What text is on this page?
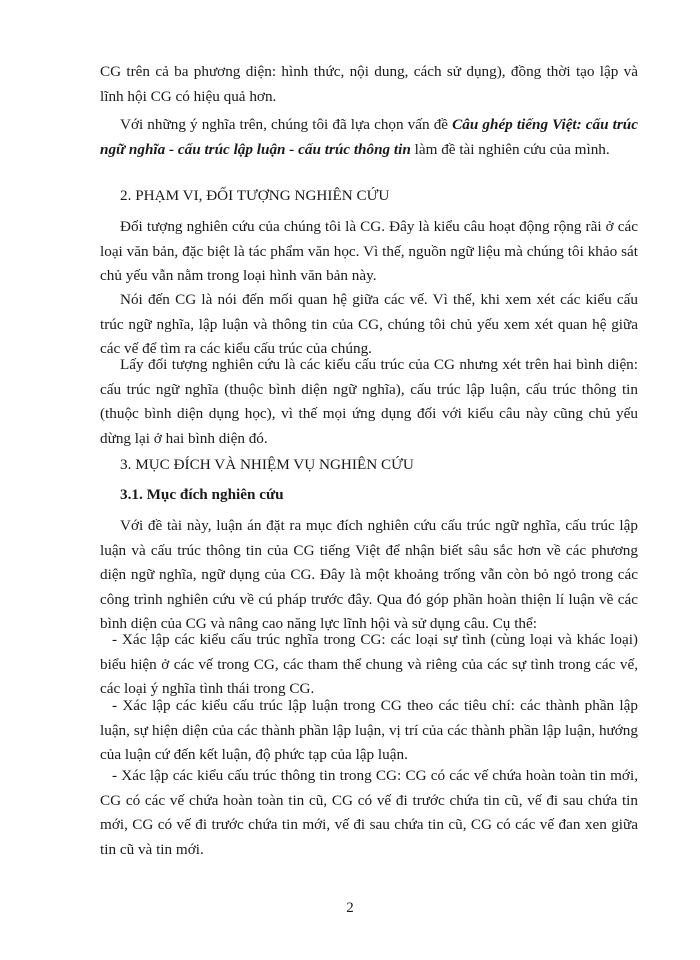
CG trên cả ba phương diện: hình thức, nội dung, cách sử dụng), đồng thời tạo lập và lĩnh hội CG có hiệu quả hơn.

Với những ý nghĩa trên, chúng tôi đã lựa chọn vấn đề Câu ghép tiếng Việt: cấu trúc ngữ nghĩa - cấu trúc lập luận - cấu trúc thông tin làm đề tài nghiên cứu của mình.

2. PHẠM VI, ĐỐI TƯỢNG NGHIÊN CỨU

Đối tượng nghiên cứu của chúng tôi là CG. Đây là kiểu câu hoạt động rộng rãi ở các loại văn bản, đặc biệt là tác phẩm văn học. Vì thế, nguồn ngữ liệu mà chúng tôi khảo sát chủ yếu vẫn nằm trong loại hình văn bản này.

Nói đến CG là nói đến mối quan hệ giữa các vế. Vì thế, khi xem xét các kiểu cấu trúc ngữ nghĩa, lập luận và thông tin của CG, chúng tôi chủ yếu xem xét quan hệ giữa các vế để tìm ra các kiểu cấu trúc của chúng.

Lấy đối tượng nghiên cứu là các kiểu cấu trúc của CG nhưng xét trên hai bình diện: cấu trúc ngữ nghĩa (thuộc bình diện ngữ nghĩa), cấu trúc lập luận, cấu trúc thông tin (thuộc bình diện dụng học), vì thế mọi ứng dụng đối với kiểu câu này cũng chủ yếu dừng lại ở hai bình diện đó.

3. MỤC ĐÍCH VÀ NHIỆM VỤ NGHIÊN CỨU

3.1. Mục đích nghiên cứu

Với đề tài này, luận án đặt ra mục đích nghiên cứu cấu trúc ngữ nghĩa, cấu trúc lập luận và cấu trúc thông tin của CG tiếng Việt để nhận biết sâu sắc hơn về các phương diện ngữ nghĩa, ngữ dụng của CG. Đây là một khoảng trống vẫn còn bỏ ngỏ trong các công trình nghiên cứu về cú pháp trước đây. Qua đó góp phần hoàn thiện lí luận về các bình diện của CG và nâng cao năng lực lĩnh hội và sử dụng câu. Cụ thể:

- Xác lập các kiểu cấu trúc nghĩa trong CG: các loại sự tình (cùng loại và khác loại) biểu hiện ở các vế trong CG, các tham thể chung và riêng của các sự tình trong các vế, các loại ý nghĩa tình thái trong CG.

- Xác lập các kiểu cấu trúc lập luận trong CG theo các tiêu chí: các thành phần lập luận, sự hiện diện của các thành phần lập luận, vị trí của các thành phần lập luận, hướng của luận cứ đến kết luận, độ phức tạp của lập luận.

- Xác lập các kiểu cấu trúc thông tin trong CG: CG có các vế chứa hoàn toàn tin mới, CG có các vế chứa hoàn toàn tin cũ, CG có vế đi trước chứa tin cũ, vế đi sau chứa tin mới, CG có vế đi trước chứa tin mới, vế đi sau chứa tin cũ, CG có các vế đan xen giữa tin cũ và tin mới.

2
